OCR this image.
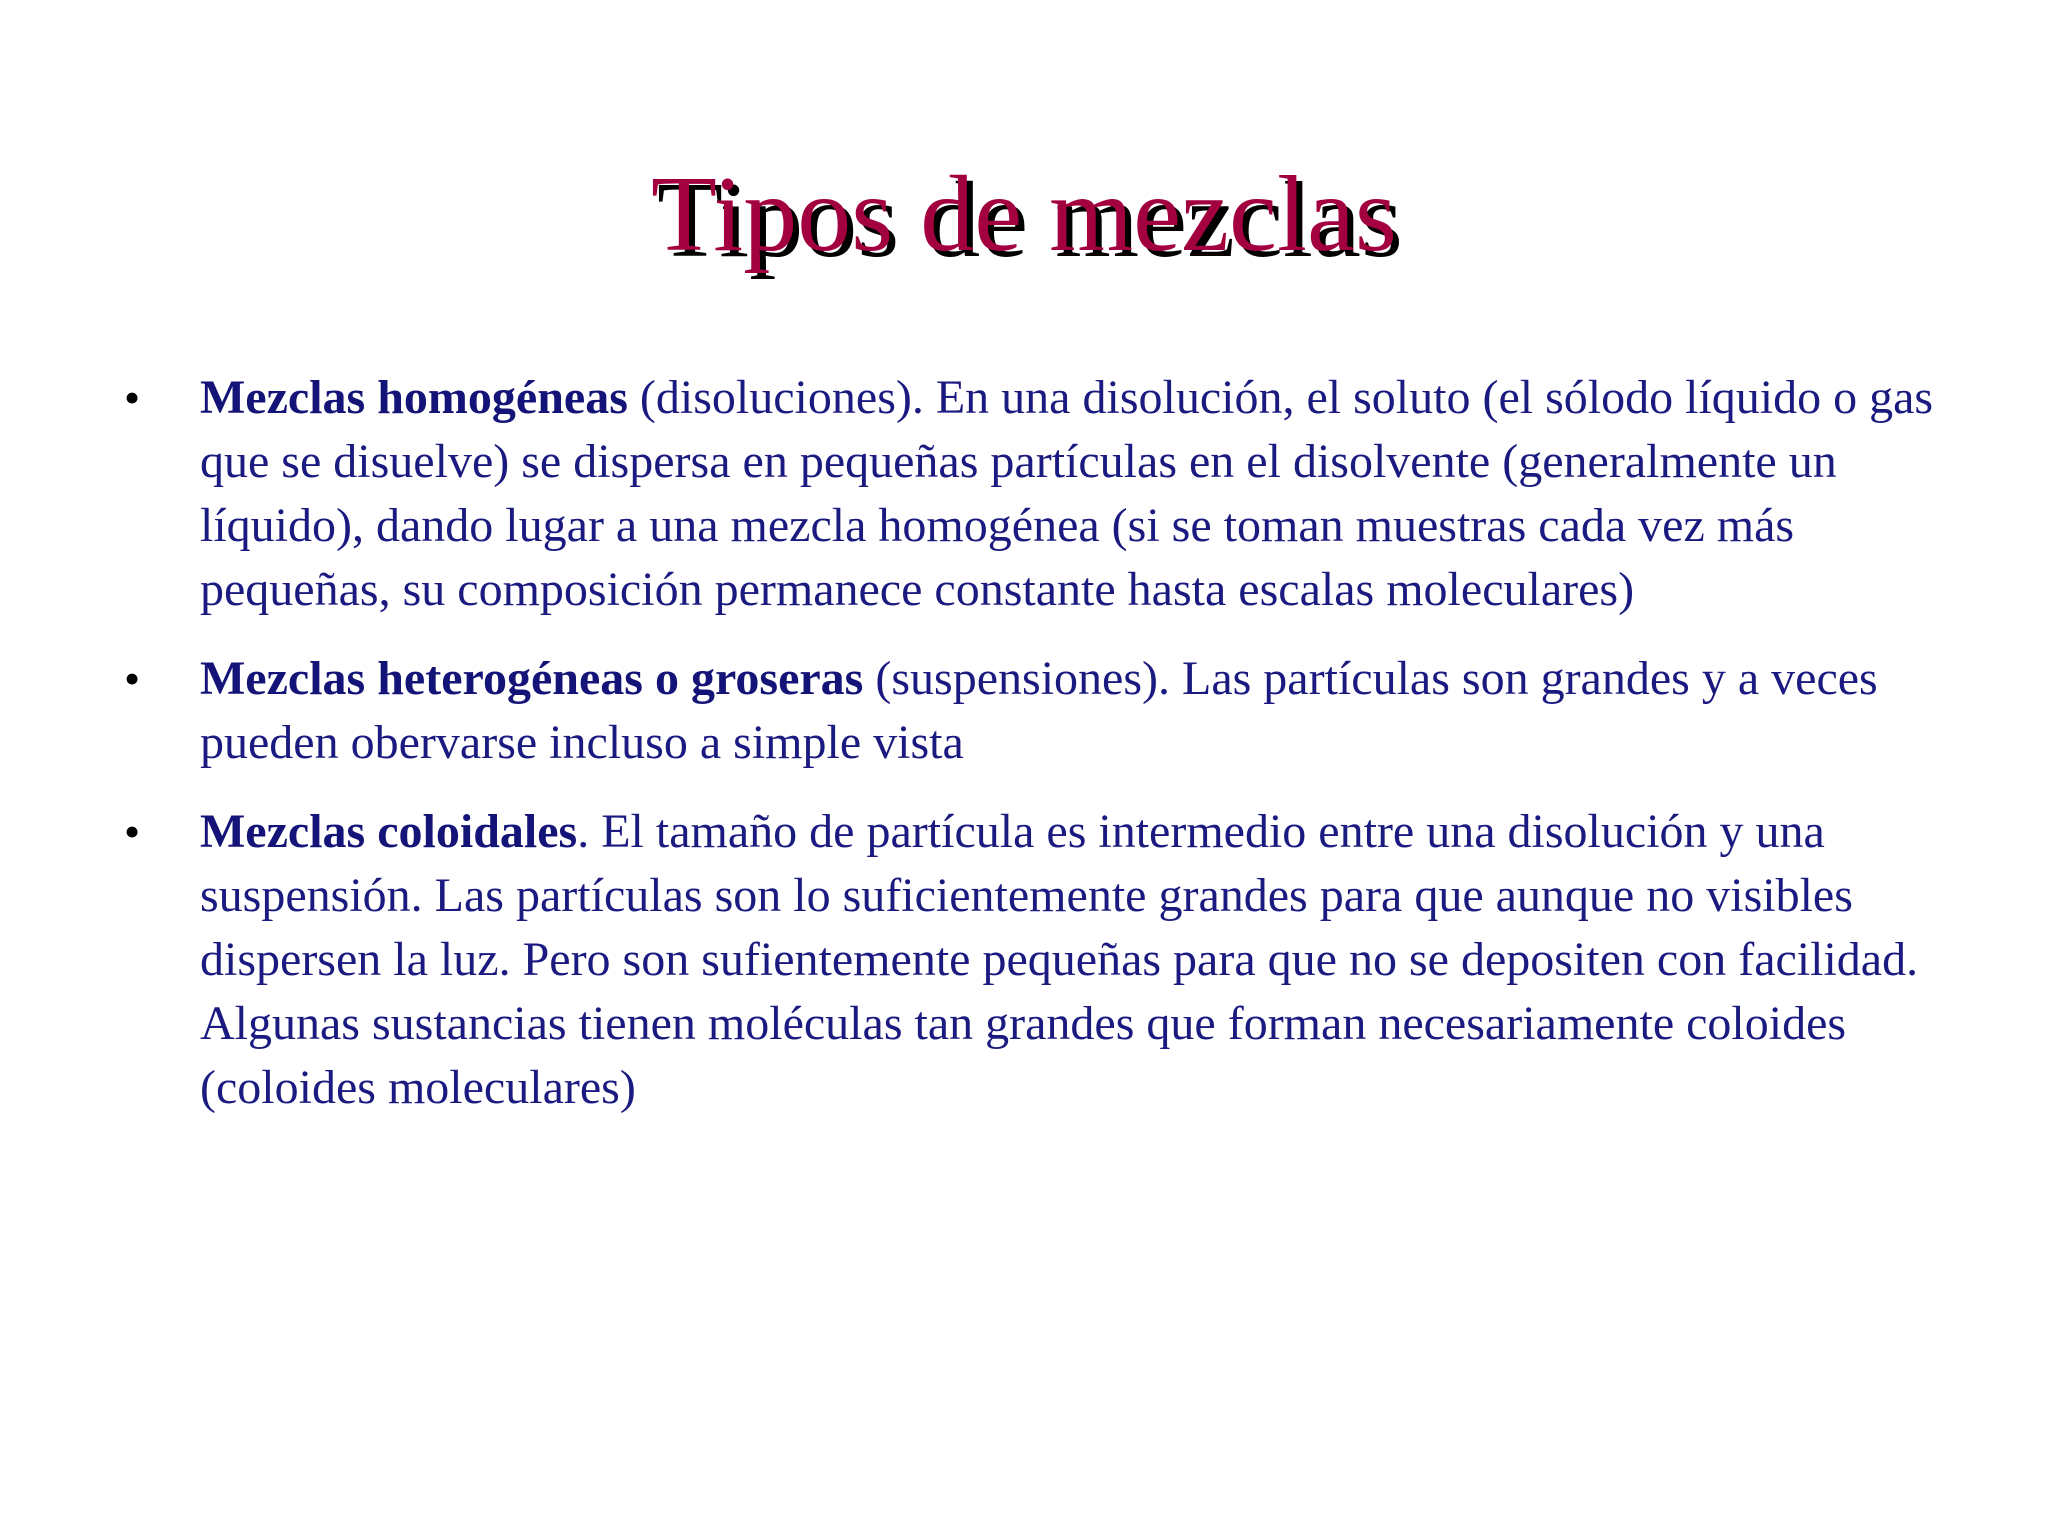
Tipos de mezclas
• Mezclas homogéneas (disoluciones). En una disolución, el soluto (el sólodo líquido o gas que se disuelve) se dispersa en pequeñas partículas en el disolvente (generalmente un líquido), dando lugar a una mezcla homogénea (si se toman muestras cada vez más pequeñas, su composición permanece constante hasta escalas moleculares)
• Mezclas heterogéneas o groseras (suspensiones). Las partículas son grandes y a veces pueden obervarse incluso a simple vista
• Mezclas coloidales. El tamaño de partícula es intermedio entre una disolución y una suspensión. Las partículas son lo suficientemente grandes para que aunque no visibles dispersen la luz. Pero son sufientemente pequeñas para que no se depositen con facilidad. Algunas sustancias tienen moléculas tan grandes que forman necesariamente coloides (coloides moleculares)
